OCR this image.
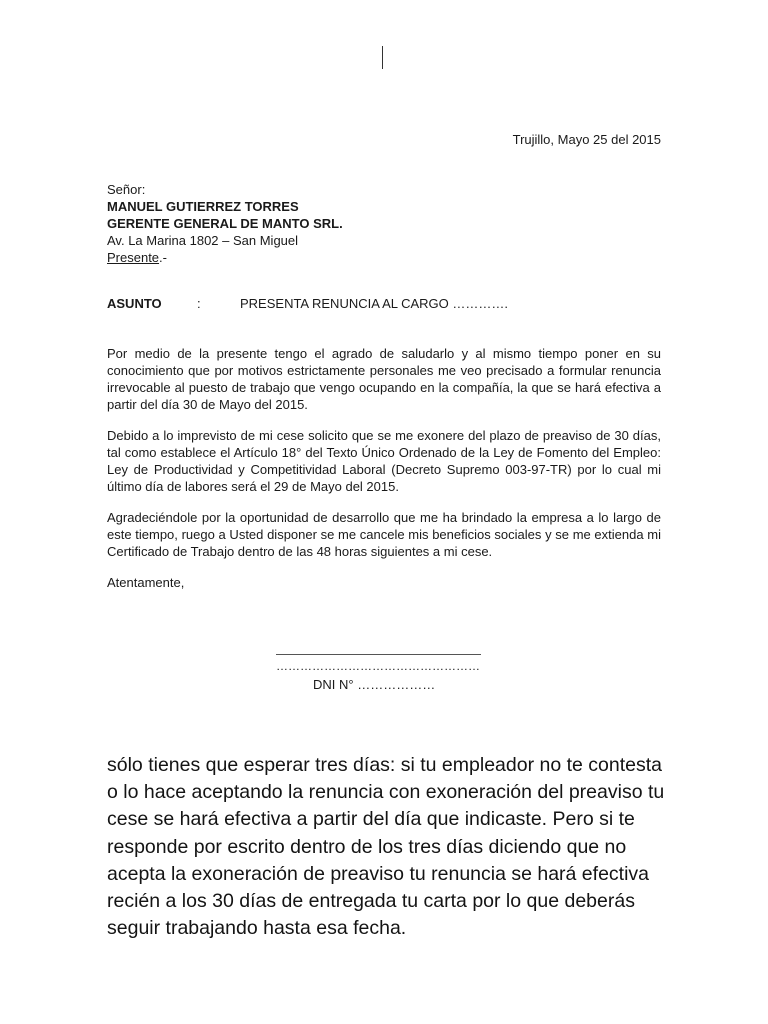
Trujillo, Mayo 25 del 2015
Señor:
MANUEL GUTIERREZ TORRES
GERENTE GENERAL DE MANTO SRL.
Av. La Marina 1802 – San Miguel
Presente.-
ASUNTO	:	PRESENTA RENUNCIA AL CARGO ………….

Por medio de la presente tengo el agrado de saludarlo y al mismo tiempo poner en su conocimiento que por motivos estrictamente personales me veo precisado a formular renuncia irrevocable al puesto de trabajo que vengo ocupando en la compañía, la que se hará efectiva a partir del día 30 de Mayo del 2015.

Debido a lo imprevisto de mi cese solicito que se me exonere del plazo de preaviso de 30 días, tal como establece el Artículo 18° del Texto Único Ordenado de la Ley de Fomento del Empleo: Ley de Productividad y Competitividad Laboral (Decreto Supremo 003-97-TR) por lo cual mi último día de labores será el 29 de Mayo del 2015.

Agradeciéndole por la oportunidad de desarrollo que me ha brindado la empresa a lo largo de este tiempo, ruego a Usted disponer se me cancele mis beneficios sociales y se me extienda mi Certificado de Trabajo dentro de las 48 horas siguientes a mi cese.

Atentamente,
……………………………………………
DNI N° ………………

sólo tienes que esperar tres días: si tu empleador no te contesta o lo hace aceptando la renuncia con exoneración del preaviso tu cese se hará efectiva a partir del día que indicaste. Pero si te responde por escrito dentro de los tres días diciendo que no acepta la exoneración de preaviso tu renuncia se hará efectiva recién a los 30 días de entregada tu carta por lo que deberás seguir trabajando hasta esa fecha.
